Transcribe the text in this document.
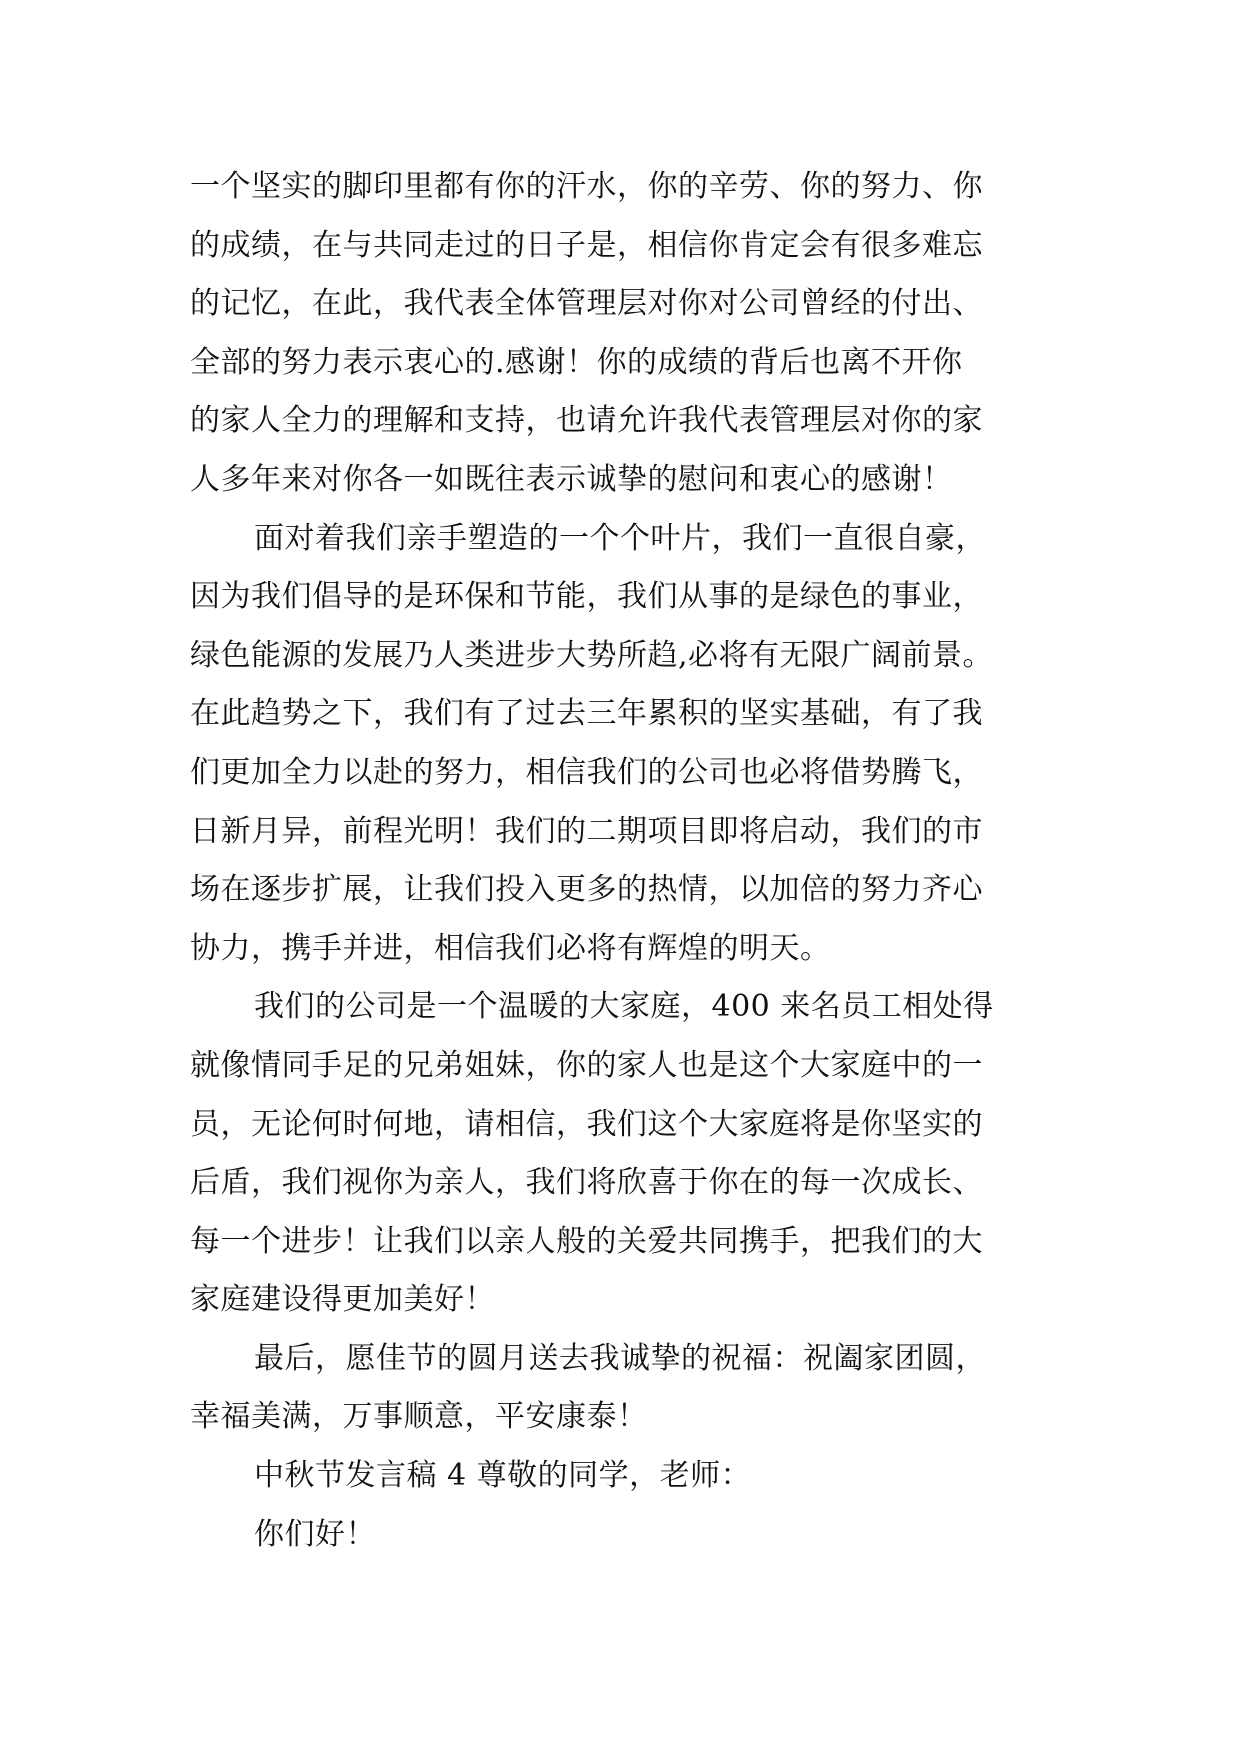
一个坚实的脚印里都有你的汗水，你的辛劳、你的努力、你
的成绩，在与共同走过的日子是，相信你肯定会有很多难忘
的记忆，在此，我代表全体管理层对你对公司曾经的付出、
全部的努力表示衷心的.感谢！你的成绩的背后也离不开你
的家人全力的理解和支持，也请允许我代表管理层对你的家
人多年来对你各一如既往表示诚挚的慰问和衷心的感谢！
面对着我们亲手塑造的一个个叶片，我们一直很自豪，
因为我们倡导的是环保和节能，我们从事的是绿色的事业，
绿色能源的发展乃人类进步大势所趋,必将有无限广阔前景。
在此趋势之下，我们有了过去三年累积的坚实基础，有了我
们更加全力以赴的努力，相信我们的公司也必将借势腾飞，
日新月异，前程光明！我们的二期项目即将启动，我们的市
场在逐步扩展，让我们投入更多的热情，以加倍的努力齐心
协力，携手并进，相信我们必将有辉煌的明天。
我们的公司是一个温暖的大家庭，400 来名员工相处得
就像情同手足的兄弟姐妹，你的家人也是这个大家庭中的一
员，无论何时何地，请相信，我们这个大家庭将是你坚实的
后盾，我们视你为亲人，我们将欣喜于你在的每一次成长、
每一个进步！让我们以亲人般的关爱共同携手，把我们的大
家庭建设得更加美好！
最后，愿佳节的圆月送去我诚挚的祝福：祝阖家团圆，
幸福美满，万事顺意，平安康泰！
中秋节发言稿 4 尊敬的同学，老师：
你们好！
